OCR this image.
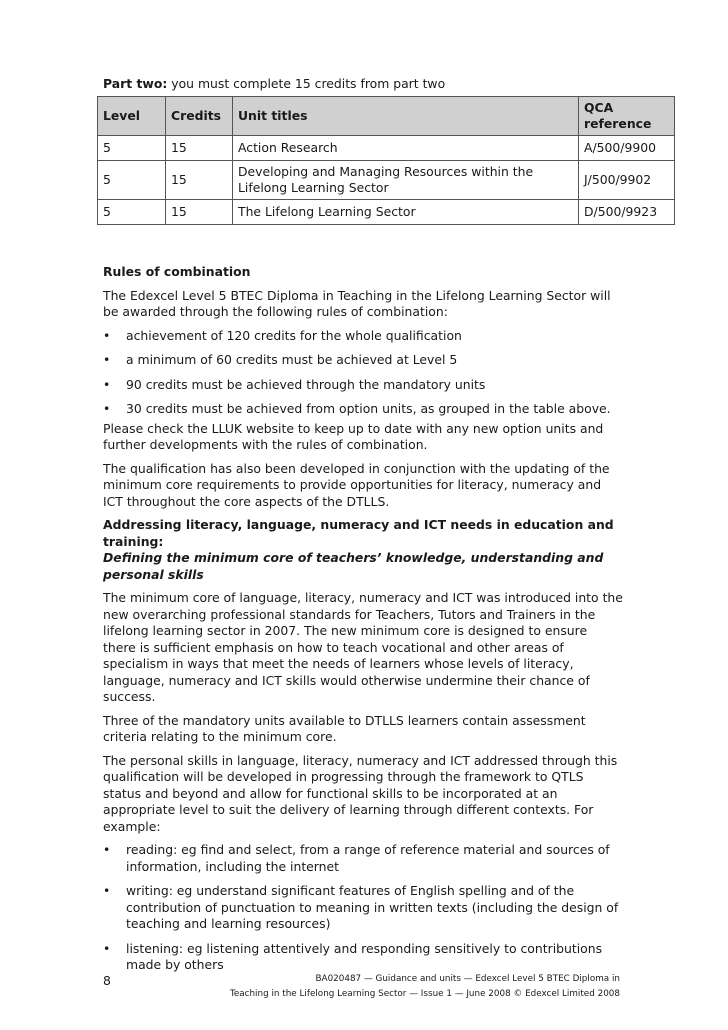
Part two: you must complete 15 credits from part two
Level	Credits	Unit titles	QCA reference
5	15	Action Research	A/500/9900
5	15	Developing and Managing Resources within the Lifelong Learning Sector	J/500/9902
5	15	The Lifelong Learning Sector	D/500/9923
Rules of combination

The Edexcel Level 5 BTEC Diploma in Teaching in the Lifelong Learning Sector will be awarded through the following rules of combination:

• achievement of 120 credits for the whole qualification
• a minimum of 60 credits must be achieved at Level 5
• 90 credits must be achieved through the mandatory units
• 30 credits must be achieved from option units, as grouped in the table above.

Please check the LLUK website to keep up to date with any new option units and further developments with the rules of combination.

The qualification has also been developed in conjunction with the updating of the minimum core requirements to provide opportunities for literacy, numeracy and ICT throughout the core aspects of the DTLLS.

Addressing literacy, language, numeracy and ICT needs in education and training:

Defining the minimum core of teachers’ knowledge, understanding and personal skills

The minimum core of language, literacy, numeracy and ICT was introduced into the new overarching professional standards for Teachers, Tutors and Trainers in the lifelong learning sector in 2007. The new minimum core is designed to ensure there is sufficient emphasis on how to teach vocational and other areas of specialism in ways that meet the needs of learners whose levels of literacy, language, numeracy and ICT skills would otherwise undermine their chance of success.

Three of the mandatory units available to DTLLS learners contain assessment criteria relating to the minimum core.

The personal skills in language, literacy, numeracy and ICT addressed through this qualification will be developed in progressing through the framework to QTLS status and beyond and allow for functional skills to be incorporated at an appropriate level to suit the delivery of learning through different contexts. For example:

• reading: eg find and select, from a range of reference material and sources of information, including the internet
• writing: eg understand significant features of English spelling and of the contribution of punctuation to meaning in written texts (including the design of teaching and learning resources)
• listening: eg listening attentively and responding sensitively to contributions made by others
8	BA020487 — Guidance and units — Edexcel Level 5 BTEC Diploma in
Teaching in the Lifelong Learning Sector — Issue 1 — June 2008 © Edexcel Limited 2008
